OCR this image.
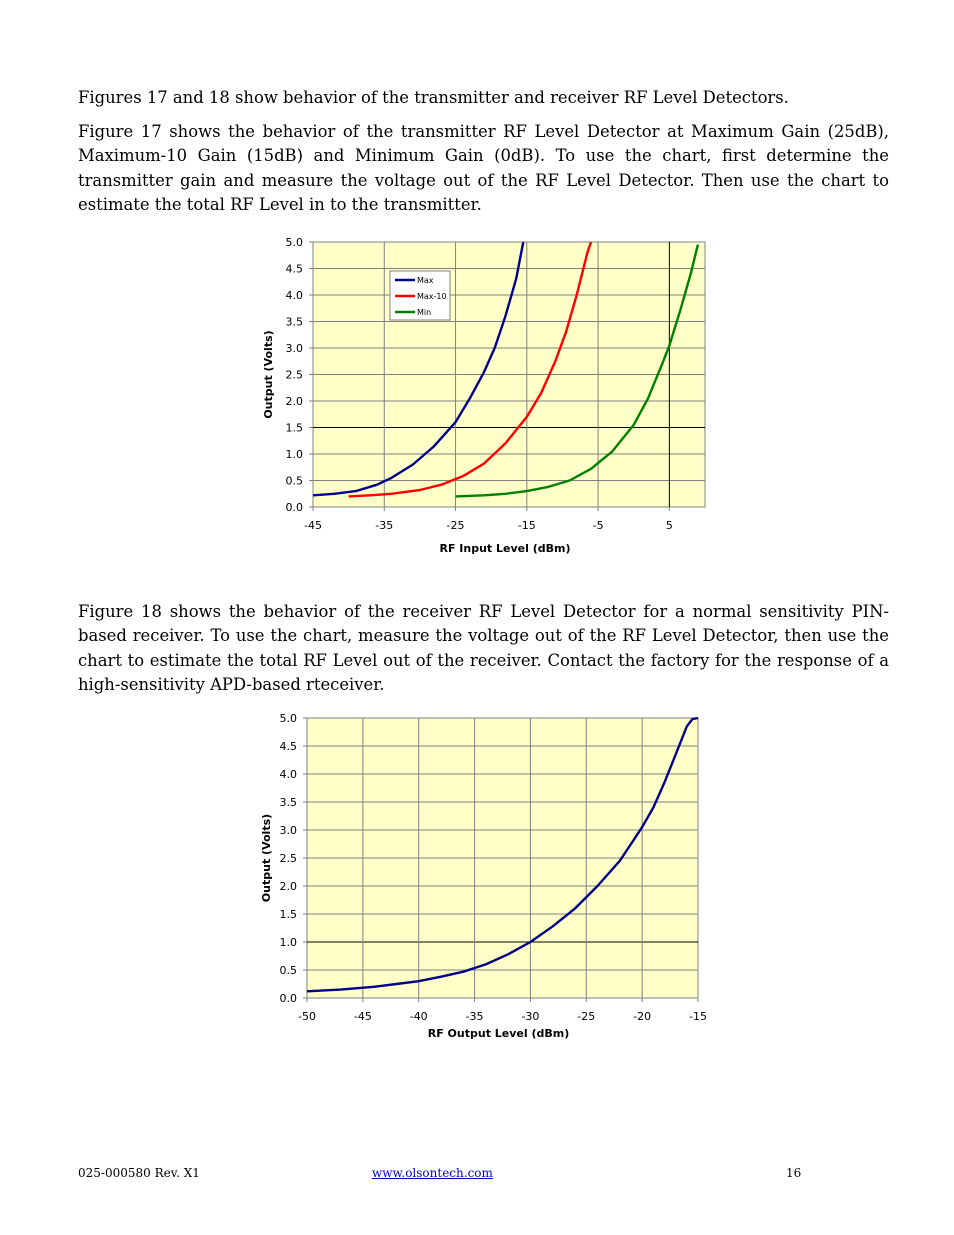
Figures 17 and 18 show behavior of the transmitter and receiver RF Level Detectors.

Figure 17 shows the behavior of the transmitter RF Level Detector at Maximum Gain (25dB), Maximum-10 Gain (15dB) and Minimum Gain (0dB). To use the chart, first determine the transmitter gain and measure the voltage out of the RF Level Detector. Then use the chart to estimate the total RF Level in to the transmitter.

0.0
0.5
1.0
1.5
2.0
2.5
3.0
3.5
4.0
4.5
5.0
-45	-35	-25	-15	-5	5
RF Input Level (dBm)
Output (Volts)
Max
Max-10
Min
0.0
0.5
1.0
1.5
2.0
2.5
3.0
3.5
4.0
4.5
5.0
-50	-45	-40	-35	-30	-25	-20	-15
RF Output Level (dBm)
Output (Volts)

Figure 18 shows the behavior of the receiver RF Level Detector for a normal sensitivity PIN-based receiver. To use the chart, measure the voltage out of the RF Level Detector, then use the chart to estimate the total RF Level out of the receiver. Contact the factory for the response of a high-sensitivity APD-based rteceiver.

025-000580 Rev. X1	www.olsontech.com	16
